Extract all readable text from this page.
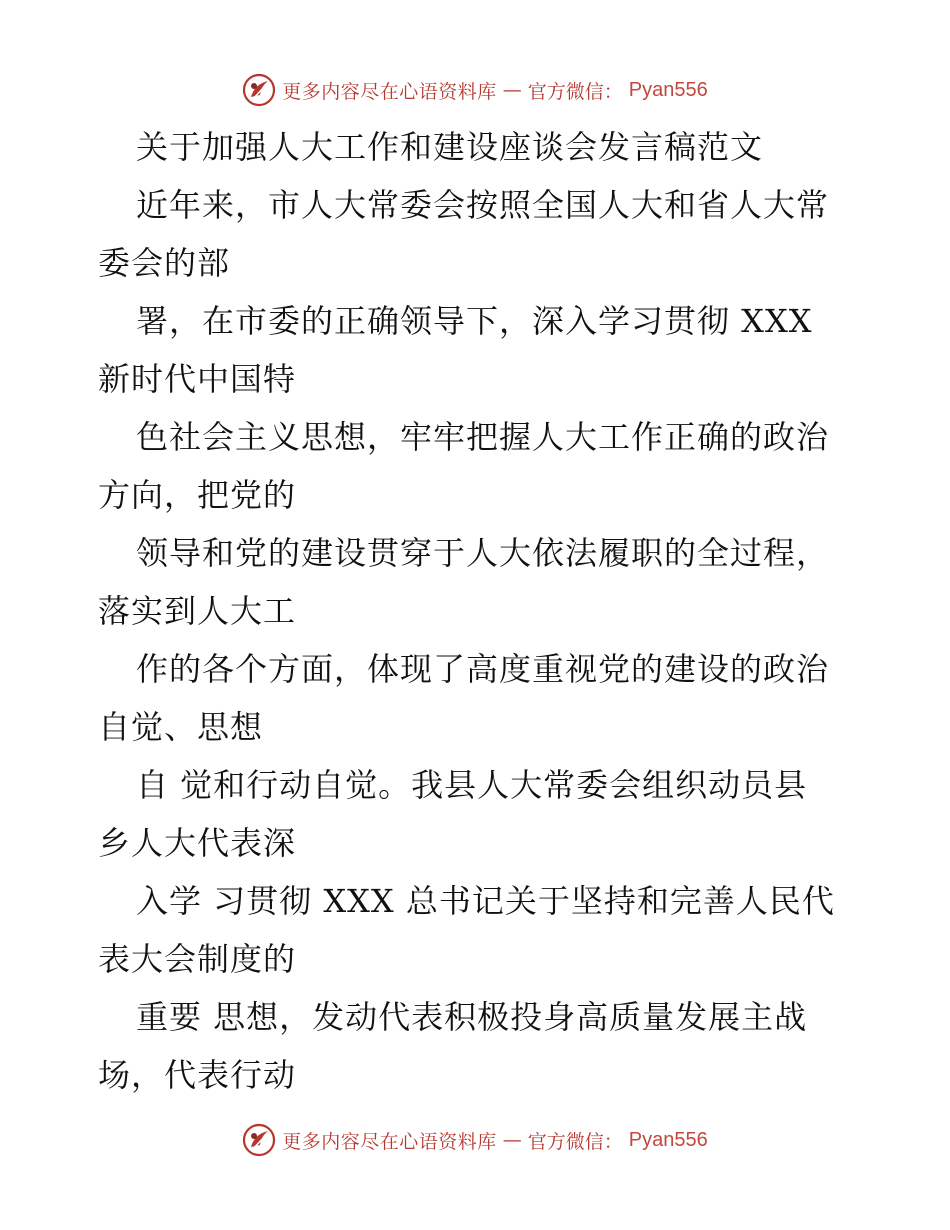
更多内容尽在心语资料库 — 官方微信： Pyan556
关于加强人大工作和建设座谈会发言稿范文
近年来，市人大常委会按照全国人大和省人大常
委会的部
署，在市委的正确领导下，深入学习贯彻 XXX
新时代中国特
色社会主义思想，牢牢把握人大工作正确的政治
方向，把党的
领导和党的建设贯穿于人大依法履职的全过程，
落实到人大工
作的各个方面，体现了高度重视党的建设的政治
自觉、思想
自 觉和行动自觉。我县人大常委会组织动员县
乡人大代表深
入学 习贯彻 XXX 总书记关于坚持和完善人民代
表大会制度的
重要 思想，发动代表积极投身高质量发展主战
场，代表行动
更多内容尽在心语资料库 — 官方微信： Pyan556
